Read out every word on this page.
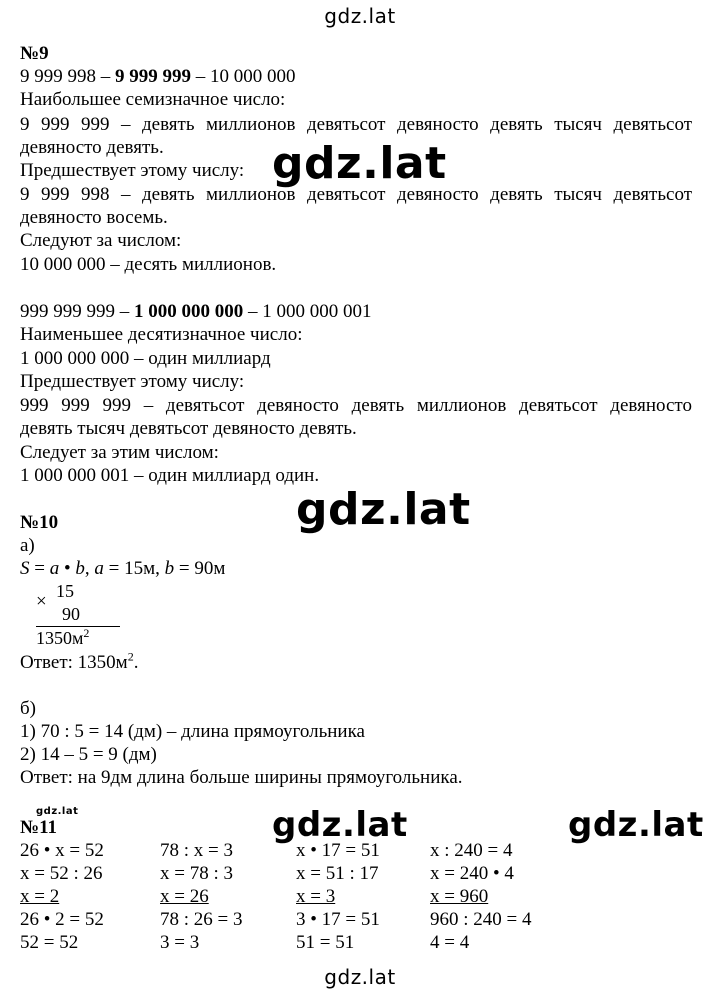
gdz.lat
gdz.lat
gdz.lat
gdz.lat	gdz.lat
gdz.lat
gdz.lat
№9
9 999 998 – 9 999 999 – 10 000 000
Наибольшее семизначное число:
9 999 999 – девять миллионов девятьсот девяносто девять тысяч девятьсот
девяносто девять.
Предшествует этому числу:
9 999 998 – девять миллионов девятьсот девяносто девять тысяч девятьсот
девяносто восемь.
Следуют за числом:
10 000 000 – десять миллионов.
999 999 999 – 1 000 000 000 – 1 000 000 001
Наименьшее десятизначное число:
1 000 000 000 – один миллиард
Предшествует этому числу:
999 999 999 – девятьсот девяносто девять миллионов девятьсот девяносто
девять тысяч девятьсот девяносто девять.
Следует за этим числом:
1 000 000 001 – один миллиард один.
№10
а)
S = a • b, a = 15м, b = 90м
× 15
90
$1350м^2$
Ответ: $1350м^2$.
б)
1) 70 : 5 = 14 (дм) – длина прямоугольника
2) 14 – 5 = 9 (дм)
Ответ: на 9дм длина больше ширины прямоугольника.
№11
26 • x = 52
x = 52 : 26
x = 2
26 • 2 = 52
52 = 52
78 : x = 3
x = 78 : 3
x = 26
78 : 26 = 3
3 = 3
x • 17 = 51
x = 51 : 17
x = 3
3 • 17 = 51
51 = 51
x : 240 = 4
x = 240 • 4
x = 960
960 : 240 = 4
4 = 4
